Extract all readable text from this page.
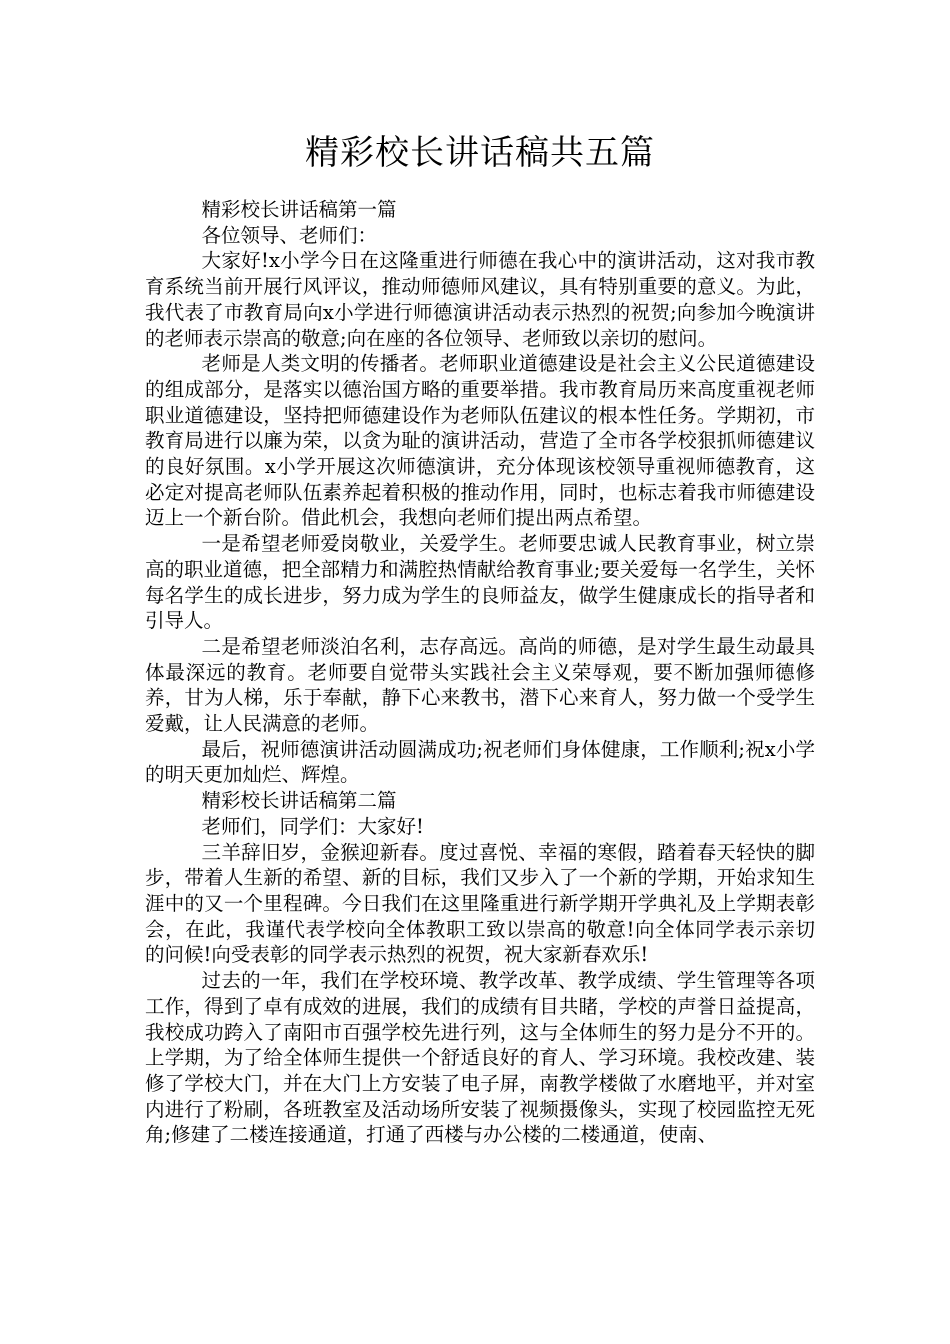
精彩校长讲话稿共五篇

精彩校长讲话稿第一篇

各位领导、老师们：

大家好!x小学今日在这隆重进行师德在我心中的演讲活动，这对我市教育系统当前开展行风评议，推动师德师风建议，具有特别重要的意义。为此，我代表了市教育局向x小学进行师德演讲活动表示热烈的祝贺;向参加今晚演讲的老师表示崇高的敬意;向在座的各位领导、老师致以亲切的慰问。

老师是人类文明的传播者。老师职业道德建设是社会主义公民道德建设的组成部分，是落实以德治国方略的重要举措。我市教育局历来高度重视老师职业道德建设，坚持把师德建设作为老师队伍建议的根本性任务。学期初，市教育局进行以廉为荣，以贪为耻的演讲活动，营造了全市各学校狠抓师德建议的良好氛围。x小学开展这次师德演讲，充分体现该校领导重视师德教育，这必定对提高老师队伍素养起着积极的推动作用，同时，也标志着我市师德建设迈上一个新台阶。借此机会，我想向老师们提出两点希望。

一是希望老师爱岗敬业，关爱学生。老师要忠诚人民教育事业，树立崇高的职业道德，把全部精力和满腔热情献给教育事业;要关爱每一名学生，关怀每名学生的成长进步，努力成为学生的良师益友，做学生健康成长的指导者和引导人。

二是希望老师淡泊名利，志存高远。高尚的师德，是对学生最生动最具体最深远的教育。老师要自觉带头实践社会主义荣辱观，要不断加强师德修养，甘为人梯，乐于奉献，静下心来教书，潜下心来育人，努力做一个受学生爱戴，让人民满意的老师。

最后，祝师德演讲活动圆满成功;祝老师们身体健康，工作顺利;祝x小学的明天更加灿烂、辉煌。

精彩校长讲话稿第二篇

老师们，同学们：大家好!

三羊辞旧岁，金猴迎新春。度过喜悦、幸福的寒假，踏着春天轻快的脚步，带着人生新的希望、新的目标，我们又步入了一个新的学期，开始求知生涯中的又一个里程碑。今日我们在这里隆重进行新学期开学典礼及上学期表彰会，在此，我谨代表学校向全体教职工致以崇高的敬意!向全体同学表示亲切的问候!向受表彰的同学表示热烈的祝贺，祝大家新春欢乐!

过去的一年，我们在学校环境、教学改革、教学成绩、学生管理等各项工作，得到了卓有成效的进展，我们的成绩有目共睹，学校的声誉日益提高，我校成功跨入了南阳市百强学校先进行列，这与全体师生的努力是分不开的。上学期，为了给全体师生提供一个舒适良好的育人、学习环境。我校改建、装修了学校大门，并在大门上方安装了电子屏，南教学楼做了水磨地平，并对室内进行了粉刷，各班教室及活动场所安装了视频摄像头，实现了校园监控无死角;修建了二楼连接通道，打通了西楼与办公楼的二楼通道，使南、
